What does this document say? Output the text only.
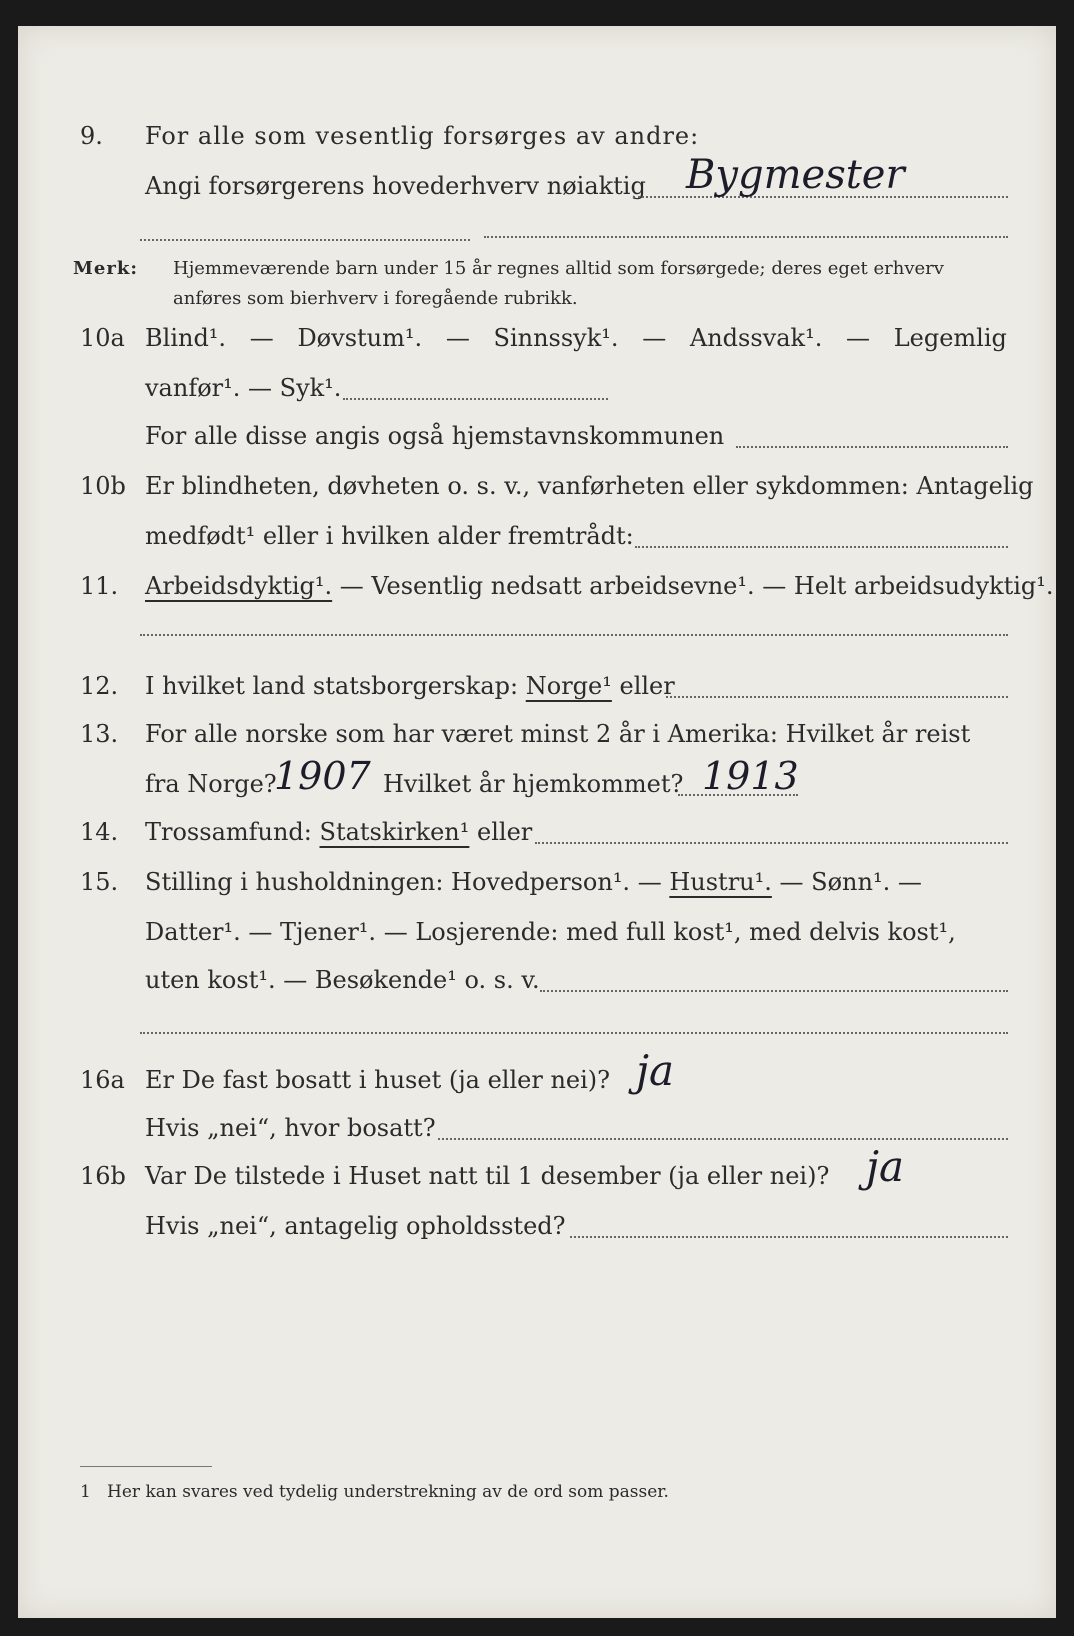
9. For alle som vesentlig forsørges av andre:
Angi forsørgerens hovederhverv nøiaktig Bygmester
Merk: Hjemmeværende barn under 15 år regnes alltid som forsørgede; deres eget erhverv
anføres som bierhverv i foregående rubrikk.
10a Blind¹. — Døvstum¹. — Sinnssyk¹. — Andssvak¹. — Legemlig
vanfør¹. — Syk¹.
For alle disse angis også hjemstavnskommunen
10b Er blindheten, døvheten o. s. v., vanførheten eller sykdommen: Antagelig
medfødt¹ eller i hvilken alder fremtrådt:
11. Arbeidsdyktig¹. — Vesentlig nedsatt arbeidsevne¹. — Helt arbeidsudyktig¹.
12. I hvilket land statsborgerskap: Norge¹ eller
13. For alle norske som har været minst 2 år i Amerika: Hvilket år reist
fra Norge?
1907 Hvilket år hjemkommet? 1913
14. Trossamfund: Statskirken¹ eller
15. Stilling i husholdningen: Hovedperson¹. — Hustru¹. — Sønn¹. —
Datter¹. — Tjener¹. — Losjerende: med full kost¹, med delvis kost¹,
uten kost¹. — Besøkende¹ o. s. v.
16a Er De fast bosatt i huset (ja eller nei)? ja
Hvis „nei“, hvor bosatt?
16b Var De tilstede i Huset natt til 1 desember (ja eller nei)? ja
Hvis „nei“, antagelig opholdssted?
1 Her kan svares ved tydelig understrekning av de ord som passer.
